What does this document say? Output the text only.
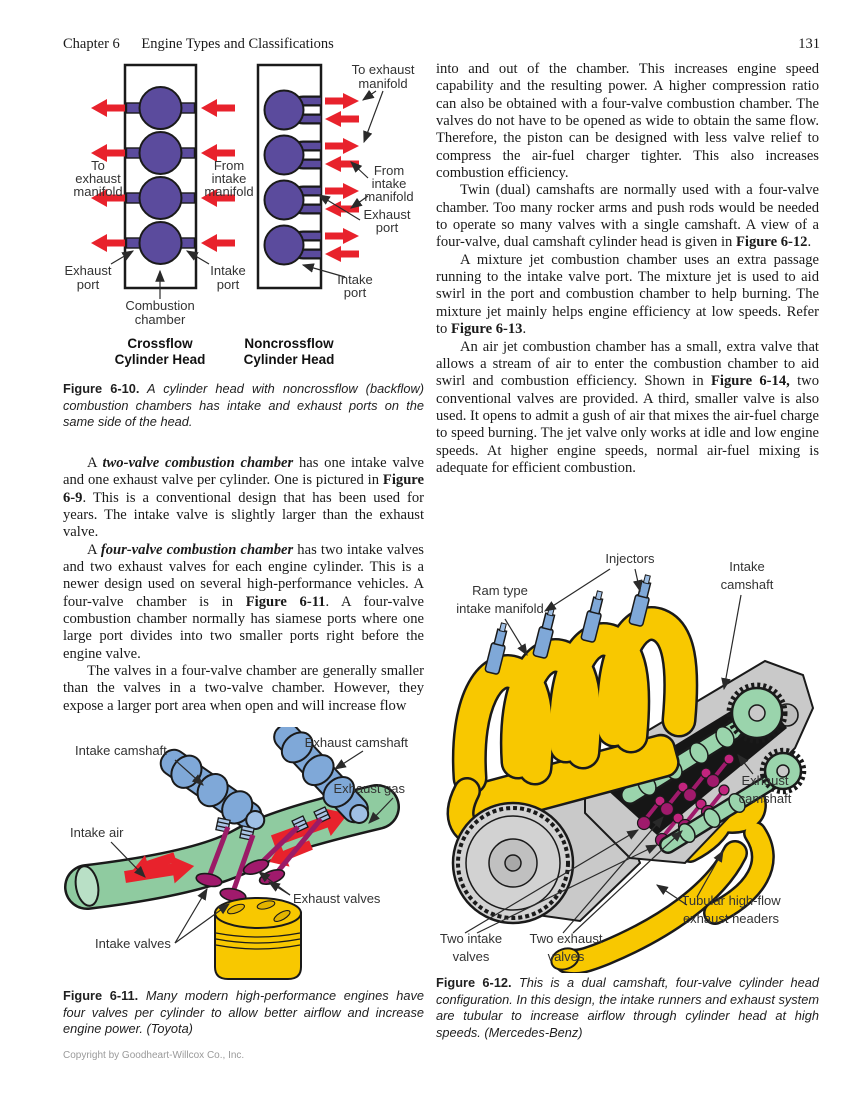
Chapter 6 Engine Types and Classifications	131
To
exhaust
manifold
From
intake
manifold
Exhaust
port
Intake
port
Combustion
chamber
Crossflow
Cylinder Head
To exhaust
manifold
From
intake
manifold
Exhaust
port
Intake
port
Noncrossflow
Cylinder Head
Figure 6-10. A cylinder head with noncrossflow (backflow) combustion chambers has intake and exhaust ports on the same side of the head.

A two-valve combustion chamber has one intake valve and one exhaust valve per cylinder. One is pictured in Figure 6-9. This is a conventional design that has been used for years. The intake valve is slightly larger than the exhaust valve.

A four-valve combustion chamber has two intake valves and two exhaust valves for each engine cylinder. This is a newer design used on several high-performance vehicles. A four-valve chamber is in Figure 6-11. A four-valve combustion chamber normally has siamese ports where one large port divides into two smaller ports right before the engine valve.

The valves in a four-valve chamber are generally smaller than the valves in a two-valve chamber. However, they expose a larger port area when open and will increase flow

Intake camshaft
Exhaust camshaft
Exhaust gas
Intake air
Exhaust valves
Intake valves
Figure 6-11. Many modern high-performance engines have four valves per cylinder to allow better airflow and increase engine power. (Toyota)
Copyright by Goodheart-Willcox Co., Inc.

into and out of the chamber. This increases engine speed capability and the resulting power. A higher compression ratio can also be obtained with a four-valve combustion chamber. The valves do not have to be opened as wide to obtain the same flow. Therefore, the piston can be designed with less valve relief to compress the air-fuel charger tighter. This also increases combustion efficiency.

Twin (dual) camshafts are normally used with a four-valve chamber. Too many rocker arms and push rods would be needed to operate so many valves with a single camshaft. A view of a four-valve, dual camshaft cylinder head is given in Figure 6-12.

A mixture jet combustion chamber uses an extra passage running to the intake valve port. The mixture jet is used to aid swirl in the port and combustion chamber to help burning. The mixture jet mainly helps engine efficiency at low speeds. Refer to Figure 6-13.

An air jet combustion chamber has a small, extra valve that allows a stream of air to enter the combustion chamber to aid swirl and combustion efficiency. Shown in Figure 6-14, two conventional valves are provided. A third, smaller valve is also used. It opens to admit a gush of air that mixes the air-fuel charge to speed burning. The jet valve only works at idle and low engine speeds. At higher engine speeds, normal air-fuel mixing is adequate for efficient combustion.

Injectors
Intake
camshaft
Ram type
intake manifold
Exhaust
camshaft
Tubular high-flow
exhaust headers
Two intake
valves
Two exhaust
valves
Figure 6-12. This is a dual camshaft, four-valve cylinder head configuration. In this design, the intake runners and exhaust system are tubular to increase airflow through cylinder head at high speeds. (Mercedes-Benz)
